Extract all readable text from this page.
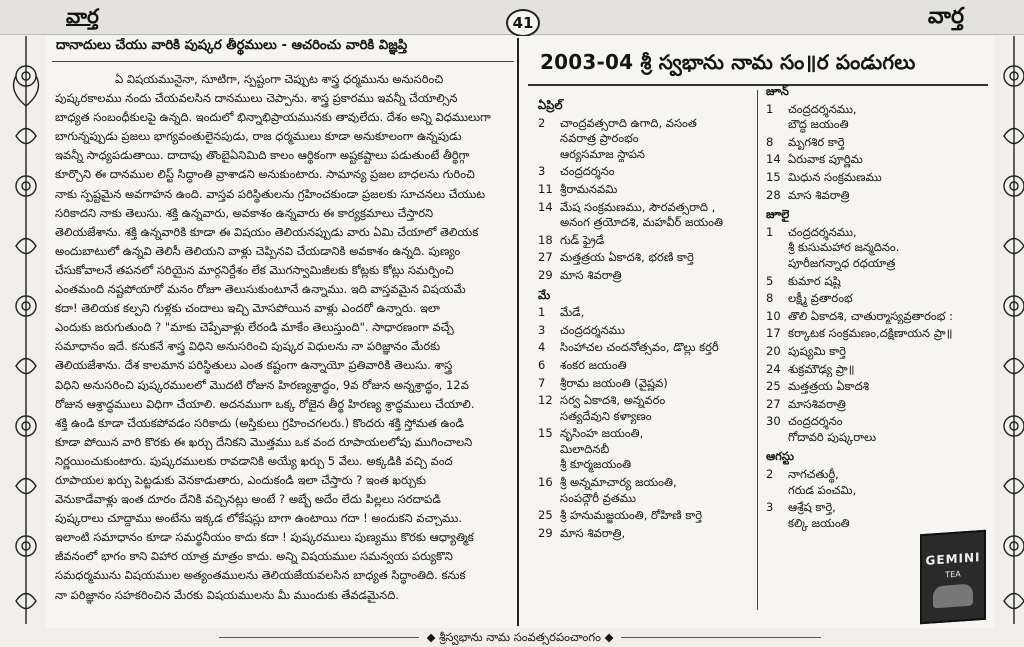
వార్త	41	వార్త
దానాదులు చేయు వారికి పుష్కర తీర్థములు - ఆచరించు వారికి విజ్ఞప్తి

ఏ విషయమునైనా, సూటిగా, స్పష్టంగా చెప్పుట శాస్త్ర ధర్మమును అనుసరించి

పుష్కరకాలము నందు చేయవలసిన దానములు చెప్పాను. శాస్త్ర ప్రకారము ఇవన్నీ చేయాల్సిన

బాధ్యత సంబంధీకులపై ఉన్నది. ఇందులో భిన్నాభిప్రాయమునకు తావులేదు. దేశం అన్ని విధములుగా

బాగున్నప్పుడు ప్రజలు భాగ్యవంతులైనపుడు, రాజ ధర్మములు కూడా అనుకూలంగా ఉన్నపుడు

ఇవన్నీ సాధ్యపడుతాయి. దాదాపు తొంబైఏనిమిది కాలం ఆర్థికంగా అష్టకష్టాలు పడుతుంటే తీర్థిగ్గా

కూర్చొని ఈ దానముల లిస్ట్ సిద్ధాంతి వ్రాశాడని అనుకుంటారు. సామాన్య ప్రజల బాధలను గురించి

నాకు స్పష్టమైన అవగాహన ఉంది. వాస్తవ పరిస్థితులను గ్రహించకుండా ప్రజలకు సూచనలు చేయుట

సరికాదని నాకు తెలుసు. శక్తి ఉన్నవారు, అవకాశం ఉన్నవారు ఈ కార్యక్రమాలు చేస్తారని

తెలియజేశాను. శక్తి ఉన్నవారికి కూడా ఈ విషయం తెలియనప్పుడు వారు ఏమి చేయాలో తెలియక

అందుబాటులో ఉన్నవి తెలిసీ తెలియని వాళ్లు చెప్పినవి చేయడానికి అవకాశం ఉన్నది. పుణ్యం

చేసుకోవాలనే తపనలో సరియైన మార్గనిర్దేశం లేక మొగస్వామిజీలకు కోట్లకు కోట్లు సమర్పించి

ఎంతమంది నష్టపోయారో మనం రోజూ తెలుసుకుంటూనే ఉన్నాము. ఇది వాస్తవమైన విషయమే

కదా! తెలియక కల్పని గుళ్లకు చందాలు ఇచ్చి మోసపోయిన వాళ్లు ఎందరో ఉన్నారు. ఇలా

ఎందుకు జరుగుతుంది ? "మాకు చెప్పేవాళ్లు లేరండి మాకేం తెలుస్తుంది". సాధారణంగా వచ్చే

సమాధానం ఇదే. కనుకనే శాస్త్ర విధిని అనుసరించి పుష్కర విధులను నా పరిజ్ఞానం మేరకు

తెలియజేశాను. దేశ కాలమాన పరిస్థితులు ఎంత కష్టంగా ఉన్నాయో ప్రతివారికి తెలుసు. శాస్త్ర

విధిని అనుసరించి పుష్కరములలో మొదటి రోజున హిరణ్యశ్రాద్ధం, 9వ రోజున అన్నశ్రాద్ధం, 12వ

రోజున ఆశ్రాద్ధములు విధిగా చేయాలి. అదనముగా ఒక్క రోజైన తీర్థ హిరణ్య శ్రాద్ధములు చేయాలి.

శక్తి ఉండి కూడా చేయకపోవడం సరికాదు (అస్తికులు గ్రహించగలరు.) కొందరు శక్తి స్తోమత ఉండి

కూడా పోయిన వారి కొరకు ఈ ఖర్చు దేనికని మొత్తము ఒక వంద రూపాయలలోపు ముగించాలని

నిర్ణయించుకుంటారు. పుష్కరములకు రావడానికి అయ్యే ఖర్చు 5 వేలు. అక్కడికి వచ్చి వంద

రూపాయల ఖర్చు పెట్టడుకు వెనకాడుతారు, ఎందుకండి ఇలా చేస్తారు ? ఇంత ఖర్చుకు

వెనుకాడేవాళ్లు ఇంత దూరం దేనికి వచ్చినట్లు అంటే ? అబ్బే అదేం లేదు పిల్లలు సరదాపడి

పుష్కరాలు చూద్దాము అంటేను ఇక్కడ లోకేషస్లు బాగా ఉంటాయి గదా ! అందుకని వచ్చాము.

ఇలాంటి సమాధానం కూడా సమర్థనీయం కాదు కదా ! పుష్కరములు పుణ్యము కొరకు ఆధ్యాత్మిక

జీవనంలో భాగం కాని విహార యాత్ర మాత్రం కాదు. అన్ని విషయముల సమన్వయ పర్యుకొని

సమధర్మమును విషయముల అత్యంతములను తెలియజేయవలసిన బాధ్యత సిద్ధాంతిది. కనుక

నా పరిజ్ఞానం సహకరించిన మేరకు విషయములను మీ ముందుకు తేవడమైనది.

2003-04 శ్రీ స్వభాను నామ సం॥ర పండుగలు
ఏప్రిల్
2	చాంద్రవత్సరాది ఉగాది, వసంత
నవరాత్ర ప్రారంభం
ఆర్యసమాజ స్థాపన
3	చంద్రదర్శనం
11 శ్రీరామనవమి
14 మేష సంక్రమణము, సౌరవత్సరాది ,
అనంగ త్రయోదశి, మహవీర్ జయంతి
18 గుడ్ ఫ్రైడే
27 మత్తత్రయ ఏకాదశి, భరణి కార్తె
29 మాస శివరాత్రి
మే
1	మేడే,
3	చంద్రదర్శనము
4	సింహాచల చందనోత్సవం, డొల్లు కర్తరీ
6	శంకర జయంతి
7	శ్రీరామ జయంతి (వైష్ణవ)
12 సర్వ ఏకాదశి, అన్నవరం
సత్యదేవుని కళ్యాణం
15 నృసింహ జయంతి,
మిలాదినబీ
శ్రీ కూర్మజయంతి
16 శ్రీ అన్నమాచార్య జయంతి,
సంపద్గౌరీ వ్రతము
25 శ్రీ హనుమజ్జయంతి, రోహిణి కార్తె
29 మాస శివరాత్రి,
జూన్
1	చంద్రదర్శనము,
బౌద్ధ జయంతి
8	మృగశిర కార్తె
14 ఏరువాక పూర్ణిమ
15 మిధున సంక్రమణము
28 మాస శివరాత్రి
జూలై
1	చంద్రదర్శనము,
శ్రీ కుసుమహార జన్మదినం.
పూరీజగన్నాధ రధయాత్ర
5	కుమార షష్టి
8	లక్ష్మీ వ్రతారంభ
10 తొలి ఏకాదశి, చాతుర్మాస్యవ్రతారంభ :
17 కర్కాటక సంక్రమణం,దక్షిణాయన ప్రా॥
20 పుష్యమి కార్తె
24 శుక్రమౌఢ్య ప్రా॥
25 మత్తత్రయ ఏకాదశి
27 మాసశివరాత్రి
30 చంద్రదర్శనం
గోదావరి పుష్కరాలు
ఆగస్టు
2	నాగచతుర్థీ,
గరుడ పంచమి,
3	ఆశ్రేష కార్తె,
కల్కి జయంతి
GEMINI
TEA
◆ శ్రీస్వభాను నామ సంవత్సరపంచాంగం ◆
